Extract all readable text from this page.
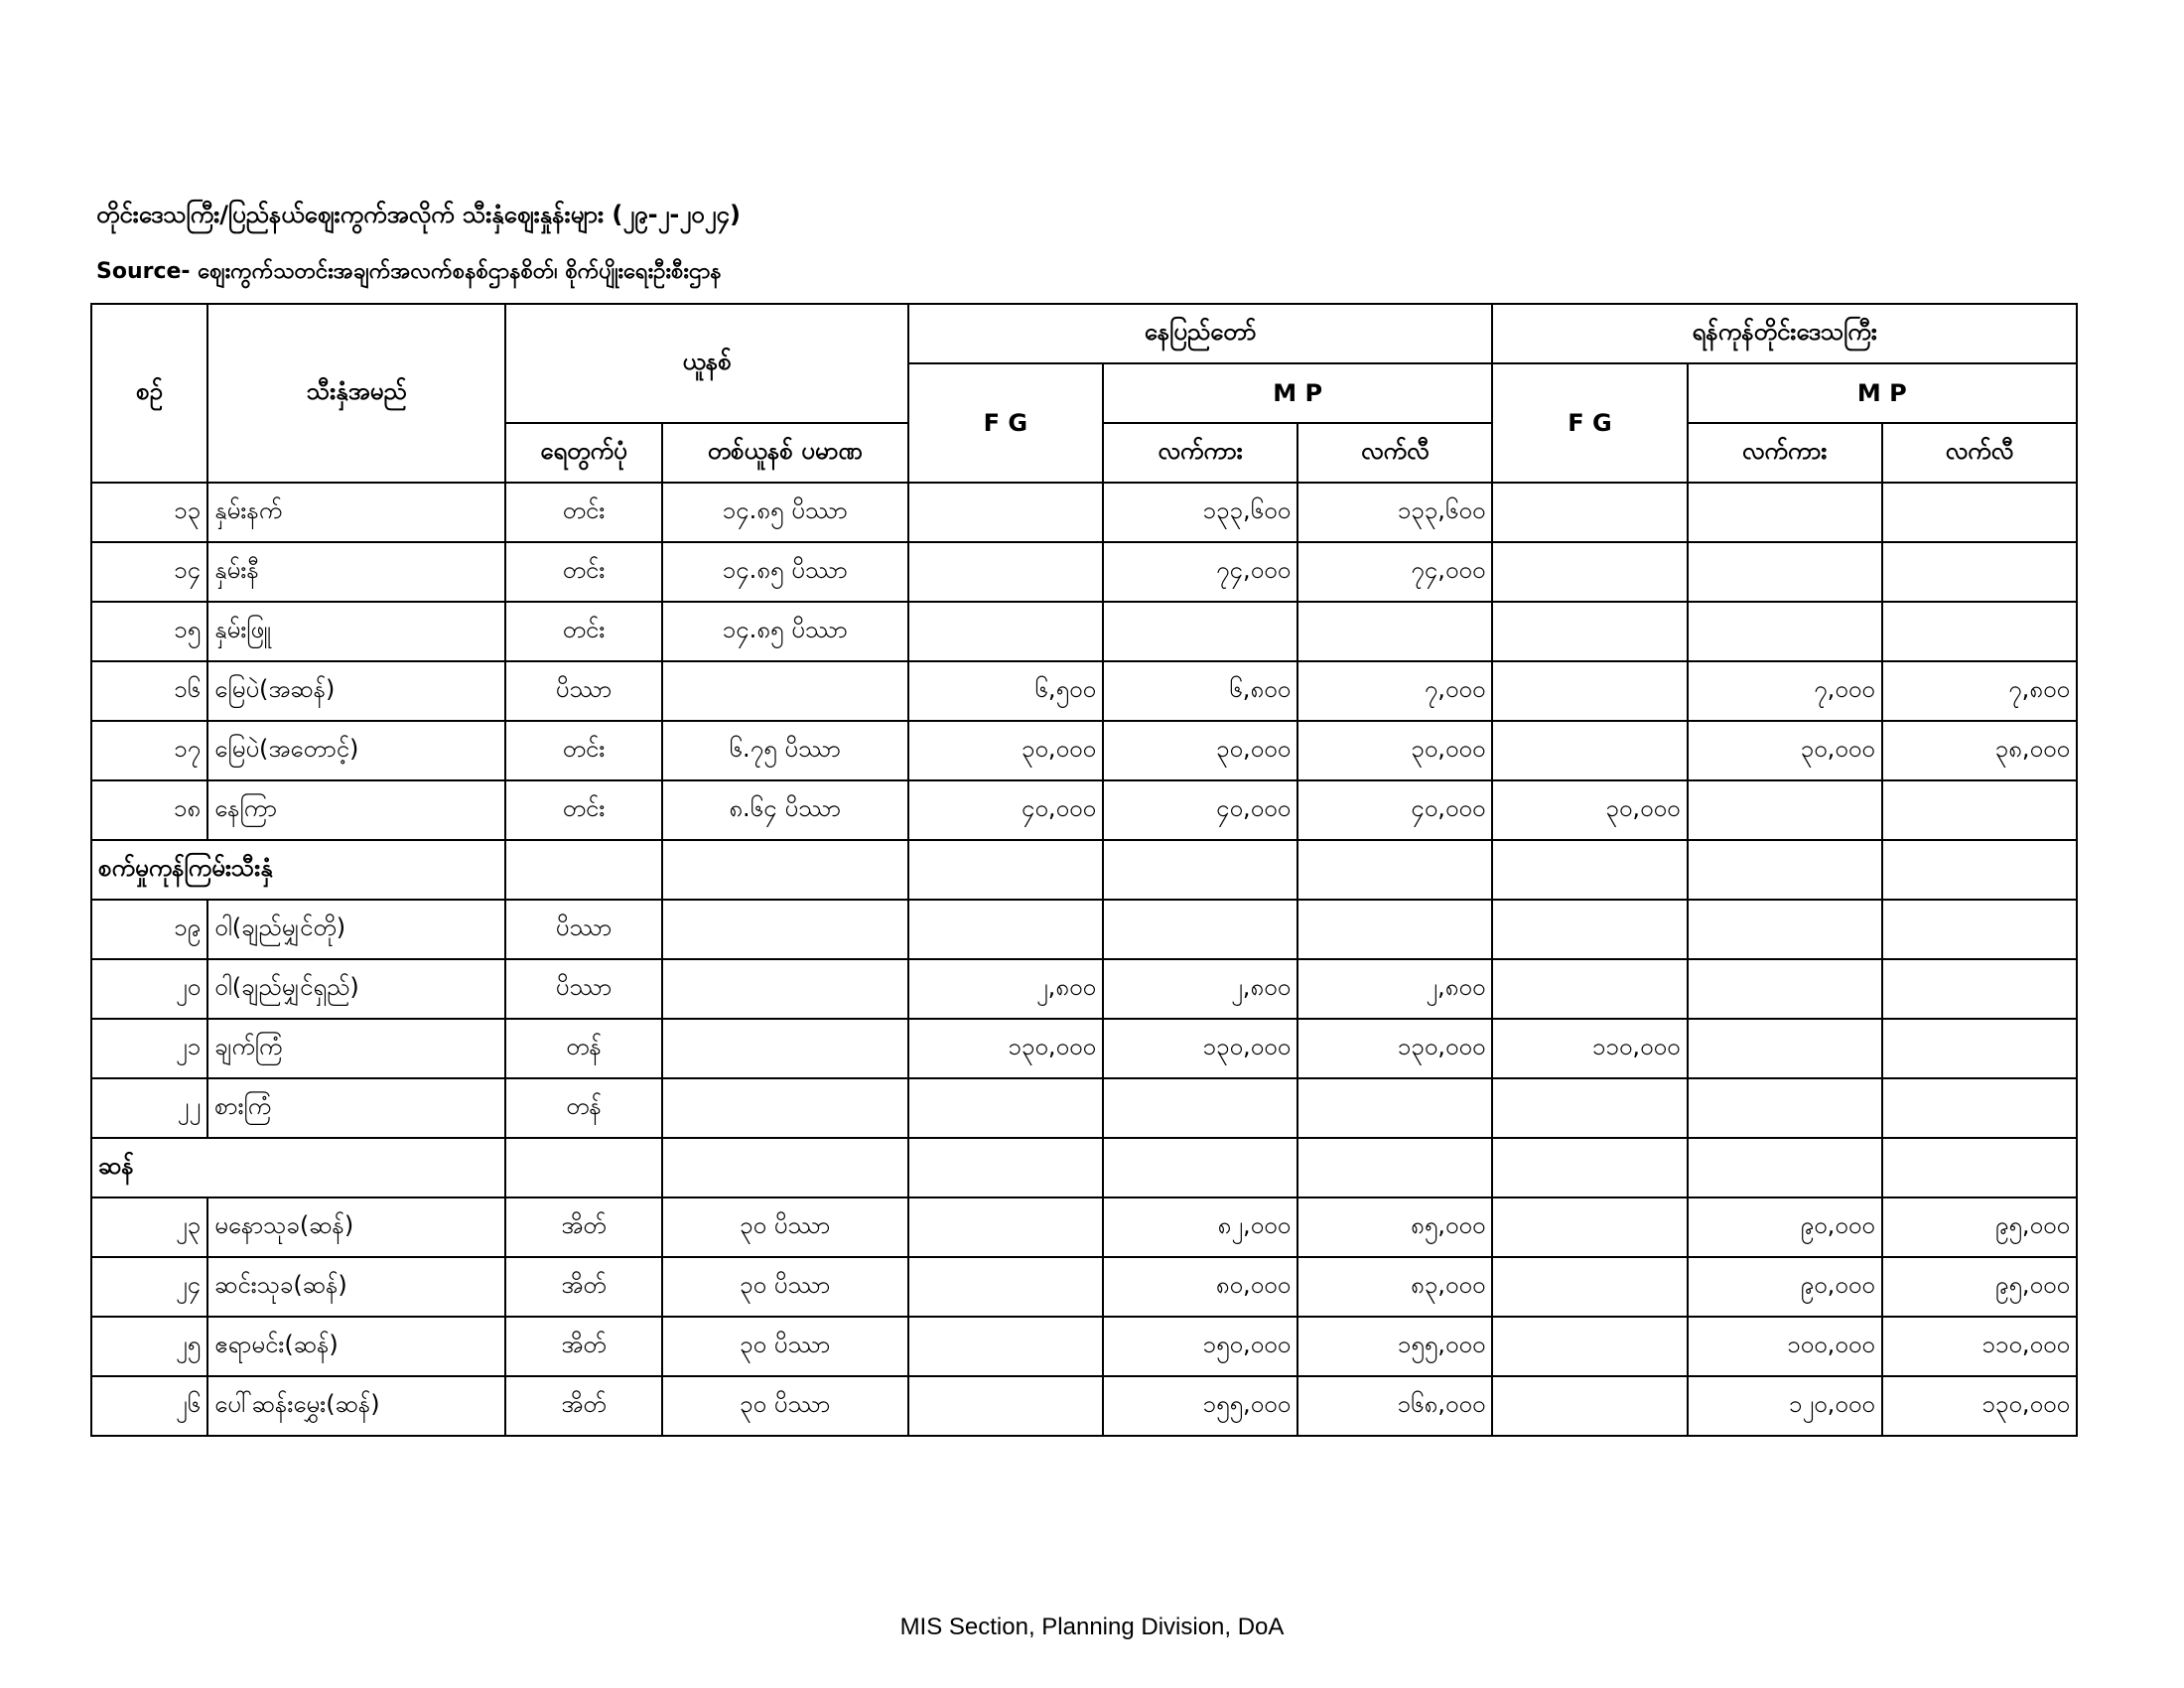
တိုင်းဒေသကြီး/ပြည်နယ်ဈေးကွက်အလိုက် သီးနှံဈေးနှုန်းများ (၂၉-၂-၂၀၂၄)
Source- ဈေးကွက်သတင်းအချက်အလက်စနစ်ဌာနစိတ်၊ စိုက်ပျိုးရေးဦးစီးဌာန
စဉ်	သီးနှံအမည်	ယူနစ်		နေပြည်တော်			ရန်ကုန်တိုင်းဒေသကြီး		
				F G	M P		F G	M P	
		ရေတွက်ပုံ	တစ်ယူနစ် ပမာဏ		လက်ကား	လက်လီ		လက်ကား	လက်လီ
၁၃	နှမ်းနက်	တင်း	၁၄.၈၅ ပိဿာ		၁၃၃,၆၀၀	၁၃၃,၆၀၀			
၁၄	နှမ်းနီ	တင်း	၁၄.၈၅ ပိဿာ		၇၄,၀၀၀	၇၄,၀၀၀			
၁၅	နှမ်းဖြူ	တင်း	၁၄.၈၅ ပိဿာ						
၁၆	မြေပဲ(အဆန်)	ပိဿာ		၆,၅၀၀	၆,၈၀၀	၇,၀၀၀		၇,၀၀၀	၇,၈၀၀
၁၇	မြေပဲ(အတောင့်)	တင်း	၆.၇၅ ပိဿာ	၃၀,၀၀၀	၃၀,၀၀၀	၃၀,၀၀၀		၃၀,၀၀၀	၃၈,၀၀၀
၁၈	နေကြာ	တင်း	၈.၆၄ ပိဿာ	၄၀,၀၀၀	၄၀,၀၀၀	၄၀,၀၀၀	၃၀,၀၀၀		
စက်မှုကုန်ကြမ်းသီးနှံ									
၁၉	ဝါ(ချည်မျှင်တို)	ပိဿာ							
၂၀	ဝါ(ချည်မျှင်ရှည်)	ပိဿာ		၂,၈၀၀	၂,၈၀၀	၂,၈၀၀			
၂၁	ချက်ကြံ	တန်		၁၃၀,၀၀၀	၁၃၀,၀၀၀	၁၃၀,၀၀၀	၁၁၀,၀၀၀		
၂၂	စားကြံ	တန်							
ဆန်									
၂၃	မနောသုခ(ဆန်)	အိတ်	၃၀ ပိဿာ		၈၂,၀၀၀	၈၅,၀၀၀		၉၀,၀၀၀	၉၅,၀၀၀
၂၄	ဆင်းသုခ(ဆန်)	အိတ်	၃၀ ပိဿာ		၈၀,၀၀၀	၈၃,၀၀၀		၉၀,၀၀၀	၉၅,၀၀၀
၂၅	ဧရာမင်း(ဆန်)	အိတ်	၃၀ ပိဿာ		၁၅၀,၀၀၀	၁၅၅,၀၀၀		၁၀၀,၀၀၀	၁၁၀,၀၀၀
၂၆	ပေါ်ဆန်းမွှေး(ဆန်)	အိတ်	၃၀ ပိဿာ		၁၅၅,၀၀၀	၁၆၈,၀၀၀		၁၂၀,၀၀၀	၁၃၀,၀၀၀
MIS Section, Planning Division, DoA
